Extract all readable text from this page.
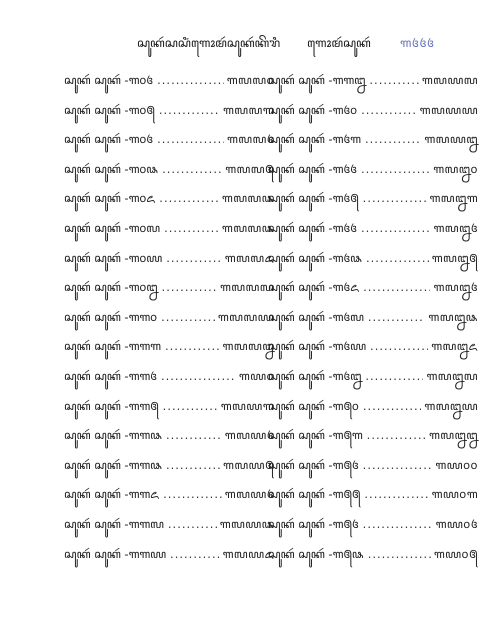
ꦱꦸꦏꦂꦱꦱꦶꦁꦒꦺꦴꦩꦂꦱꦸꦏꦂꦏꦼꦫꦶ ꦒꦺꦴꦩꦂꦱꦸꦏꦂ ꧑꧔꧔꧔
ꦱꦸꦏꦂ ꦱꦸꦏꦂ -꧑꧐꧔ .....	꧑꧗꧗꧐
ꦱꦸꦏꦂ ꦱꦸꦏꦂ -꧑꧐꧕ .....	꧑꧗꧗꧑
ꦱꦸꦏꦂ ꦱꦸꦏꦂ -꧑꧐꧔ .....	꧑꧗꧗꧔
ꦱꦸꦏꦂ ꦱꦸꦏꦂ -꧑꧐꧘ .....	꧑꧗꧗꧕
ꦱꦸꦏꦂ ꦱꦸꦏꦂ -꧑꧐꧖ .....	꧑꧗꧗꧘
ꦱꦸꦏꦂ ꦱꦸꦏꦂ -꧑꧐꧗ .....	꧑꧗꧗꧘
ꦱꦸꦏꦂ ꦱꦸꦏꦂ -꧑꧐꧙ .....	꧑꧗꧗꧖
ꦱꦸꦏꦂ ꦱꦸꦏꦂ -꧑꧐꧒ .....	꧑꧗꧗꧗
ꦱꦸꦏꦂ ꦱꦸꦏꦂ -꧑꧑꧐ .....	꧑꧗꧗꧙
ꦱꦸꦏꦂ ꦱꦸꦏꦂ -꧑꧑꧑ .....	꧑꧗꧗꧒
ꦱꦸꦏꦂ ꦱꦸꦏꦂ -꧑꧑꧔ .....	꧑꧙꧐
ꦱꦸꦏꦂ ꦱꦸꦏꦂ -꧑꧑꧕ .....	꧑꧗꧙꧑
ꦱꦸꦏꦂ ꦱꦸꦏꦂ -꧑꧑꧘ .....	꧑꧗꧙꧔
ꦱꦸꦏꦂ ꦱꦸꦏꦂ -꧑꧑꧘ .....	꧑꧗꧙꧕
ꦱꦸꦏꦂ ꦱꦸꦏꦂ -꧑꧑꧖ .....	꧑꧗꧙꧔
ꦱꦸꦏꦂ ꦱꦸꦏꦂ -꧑꧑꧗ .....	꧑꧗꧙꧘
ꦱꦸꦏꦂ ꦱꦸꦏꦂ -꧑꧑꧙ .....	꧑꧗꧙꧖
ꦱꦸꦏꦂ ꦱꦸꦏꦂ -꧑꧑꧒ .....	꧑꧗꧙꧗
ꦱꦸꦏꦂ ꦱꦸꦏꦂ -꧑꧔꧐ .....	꧑꧗꧙꧙
ꦱꦸꦏꦂ ꦱꦸꦏꦂ -꧑꧔꧑ .....	꧑꧗꧙꧒
ꦱꦸꦏꦂ ꦱꦸꦏꦂ -꧑꧔꧔ .....	꧑꧗꧒꧐
ꦱꦸꦏꦂ ꦱꦸꦏꦂ -꧑꧔꧕ .....	꧑꧗꧒꧑
ꦱꦸꦏꦂ ꦱꦸꦏꦂ -꧑꧔꧔ .....	꧑꧗꧒꧔
ꦱꦸꦏꦂ ꦱꦸꦏꦂ -꧑꧔꧘ .....	꧑꧗꧒꧕
ꦱꦸꦏꦂ ꦱꦸꦏꦂ -꧑꧔꧖ .....	꧑꧗꧒꧔
ꦱꦸꦏꦂ ꦱꦸꦏꦂ -꧑꧔꧗ .....	꧑꧗꧒꧘
ꦱꦸꦏꦂ ꦱꦸꦏꦂ -꧑꧔꧙ .....	꧑꧗꧒꧖
ꦱꦸꦏꦂ ꦱꦸꦏꦂ -꧑꧔꧒ .....	꧑꧗꧒꧗
ꦱꦸꦏꦂ ꦱꦸꦏꦂ -꧑꧕꧐ .....	꧑꧗꧒꧙
ꦱꦸꦏꦂ ꦱꦸꦏꦂ -꧑꧕꧑ .....	꧑꧗꧒꧒
ꦱꦸꦏꦂ ꦱꦸꦏꦂ -꧑꧕꧔ .....	꧑꧙꧐꧐
ꦱꦸꦏꦂ ꦱꦸꦏꦂ -꧑꧕꧕ .....	꧑꧙꧐꧑
ꦱꦸꦏꦂ ꦱꦸꦏꦂ -꧑꧕꧔ .....	꧑꧙꧐꧔
ꦱꦸꦏꦂ ꦱꦸꦏꦂ -꧑꧕꧘ .....	꧑꧙꧐꧕
